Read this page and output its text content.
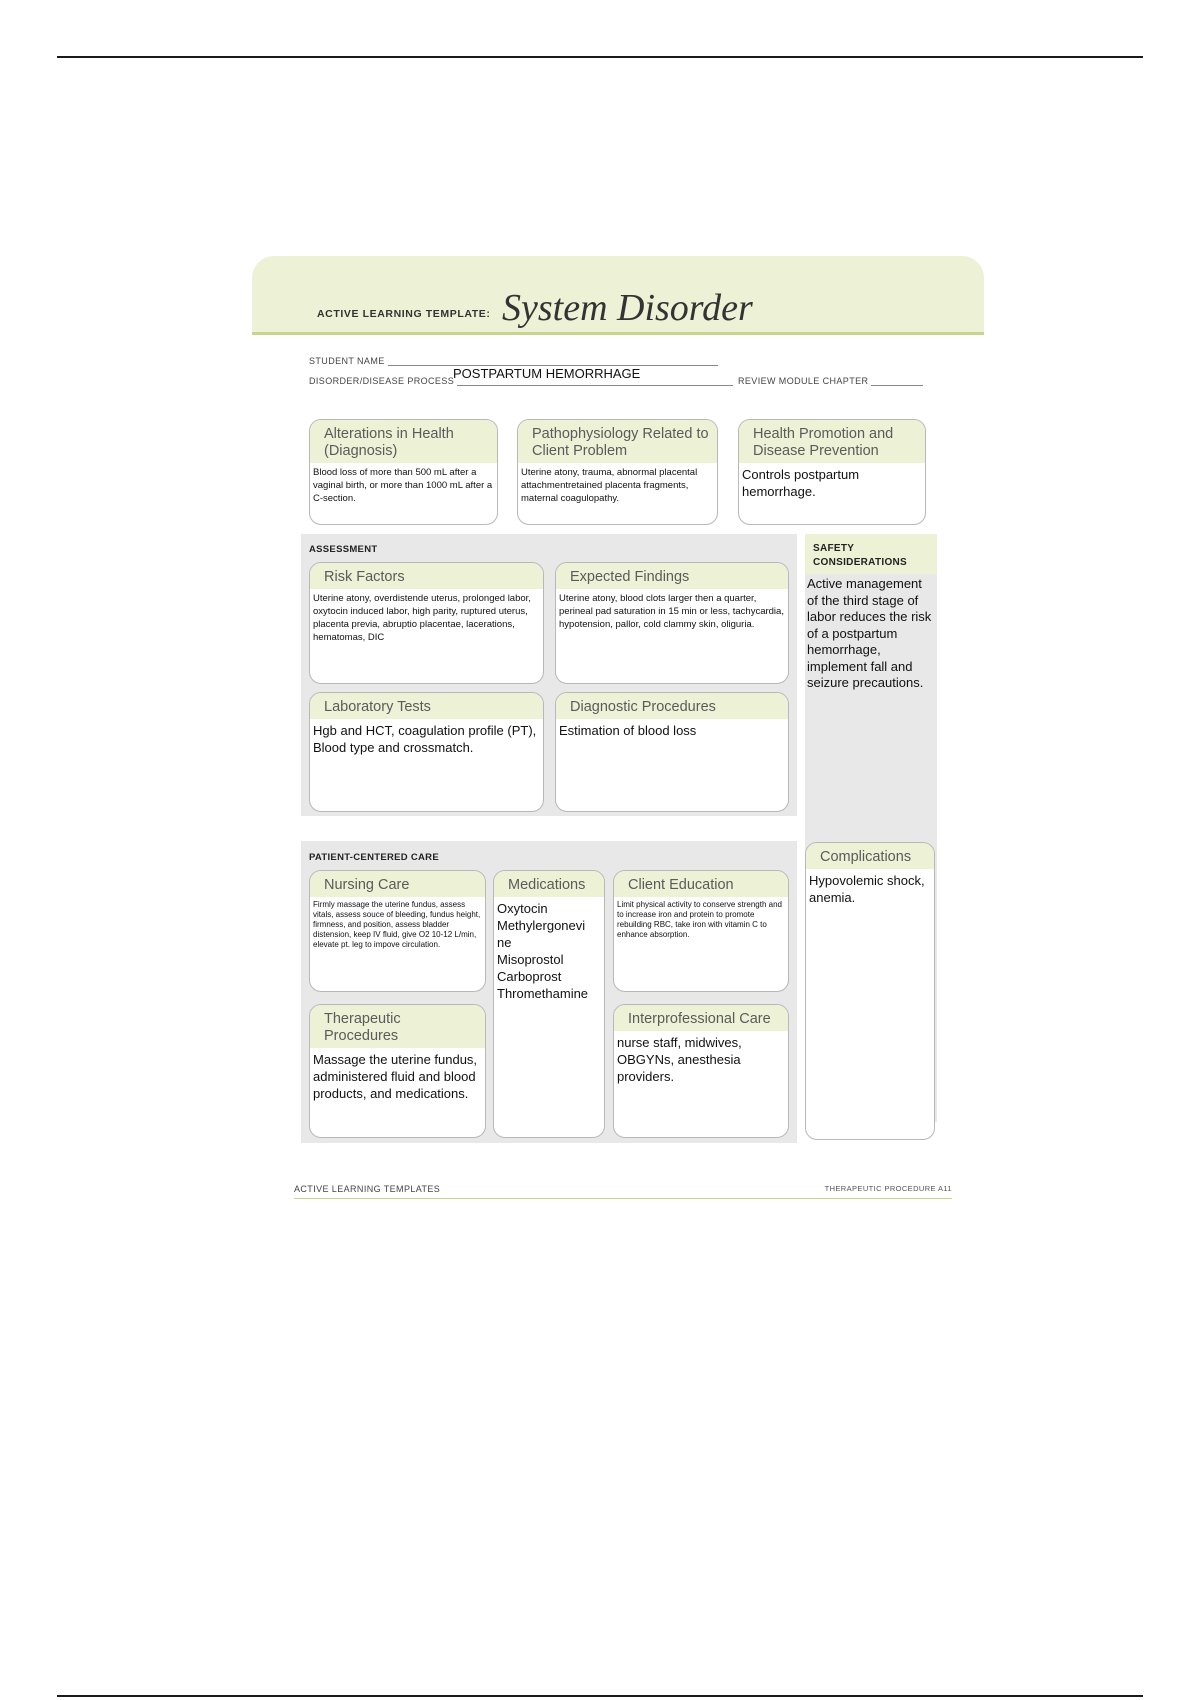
ACTIVE LEARNING TEMPLATE: System Disorder
STUDENT NAME
DISORDER/DISEASE PROCESS
POSTPARTUM HEMORRHAGE	REVIEW MODULE CHAPTER
Alterations in Health (Diagnosis)
Blood loss of more than 500 mL after a vaginal birth, or more than 1000 mL after a C-section.
Pathophysiology Related to Client Problem
Uterine atony, trauma, abnormal placental attachmentretained placenta fragments, maternal coagulopathy.
Health Promotion and Disease Prevention
Controls postpartum hemorrhage.
ASSESSMENT
Risk Factors
Uterine atony, overdistende uterus, prolonged labor, oxytocin induced labor, high parity, ruptured uterus, placenta previa, abruptio placentae, lacerations, hematomas, DIC
Expected Findings
Uterine atony, blood clots larger then a quarter, perineal pad saturation in 15 min or less, tachycardia, hypotension, pallor, cold clammy skin, oliguria.
Laboratory Tests
Hgb and HCT, coagulation profile (PT), Blood type and crossmatch.
Diagnostic Procedures
Estimation of blood loss
SAFETY CONSIDERATIONS
Active management of the third stage of labor reduces the risk of a postpartum hemorrhage, implement fall and seizure precautions.
PATIENT-CENTERED CARE
Nursing Care
Firmly massage the uterine fundus, assess vitals, assess souce of bleeding, fundus height, firmness, and position, assess bladder distension, keep IV fluid, give O2 10-12 L/min, elevate pt. leg to impove circulation.
Medications
Oxytocin
Methylergonevi
ne
Misoprostol
Carboprost
Thromethamine
Client Education
Limit physical activity to conserve strength and to increase iron and protein to promote rebuilding RBC, take iron with vitamin C to enhance absorption.
Therapeutic Procedures
Massage the uterine fundus, administered fluid and blood products, and medications.
Interprofessional Care
nurse staff, midwives, OBGYNs, anesthesia providers.
Complications
Hypovolemic shock, anemia.
ACTIVE LEARNING TEMPLATES	THERAPEUTIC PROCEDURE A11
